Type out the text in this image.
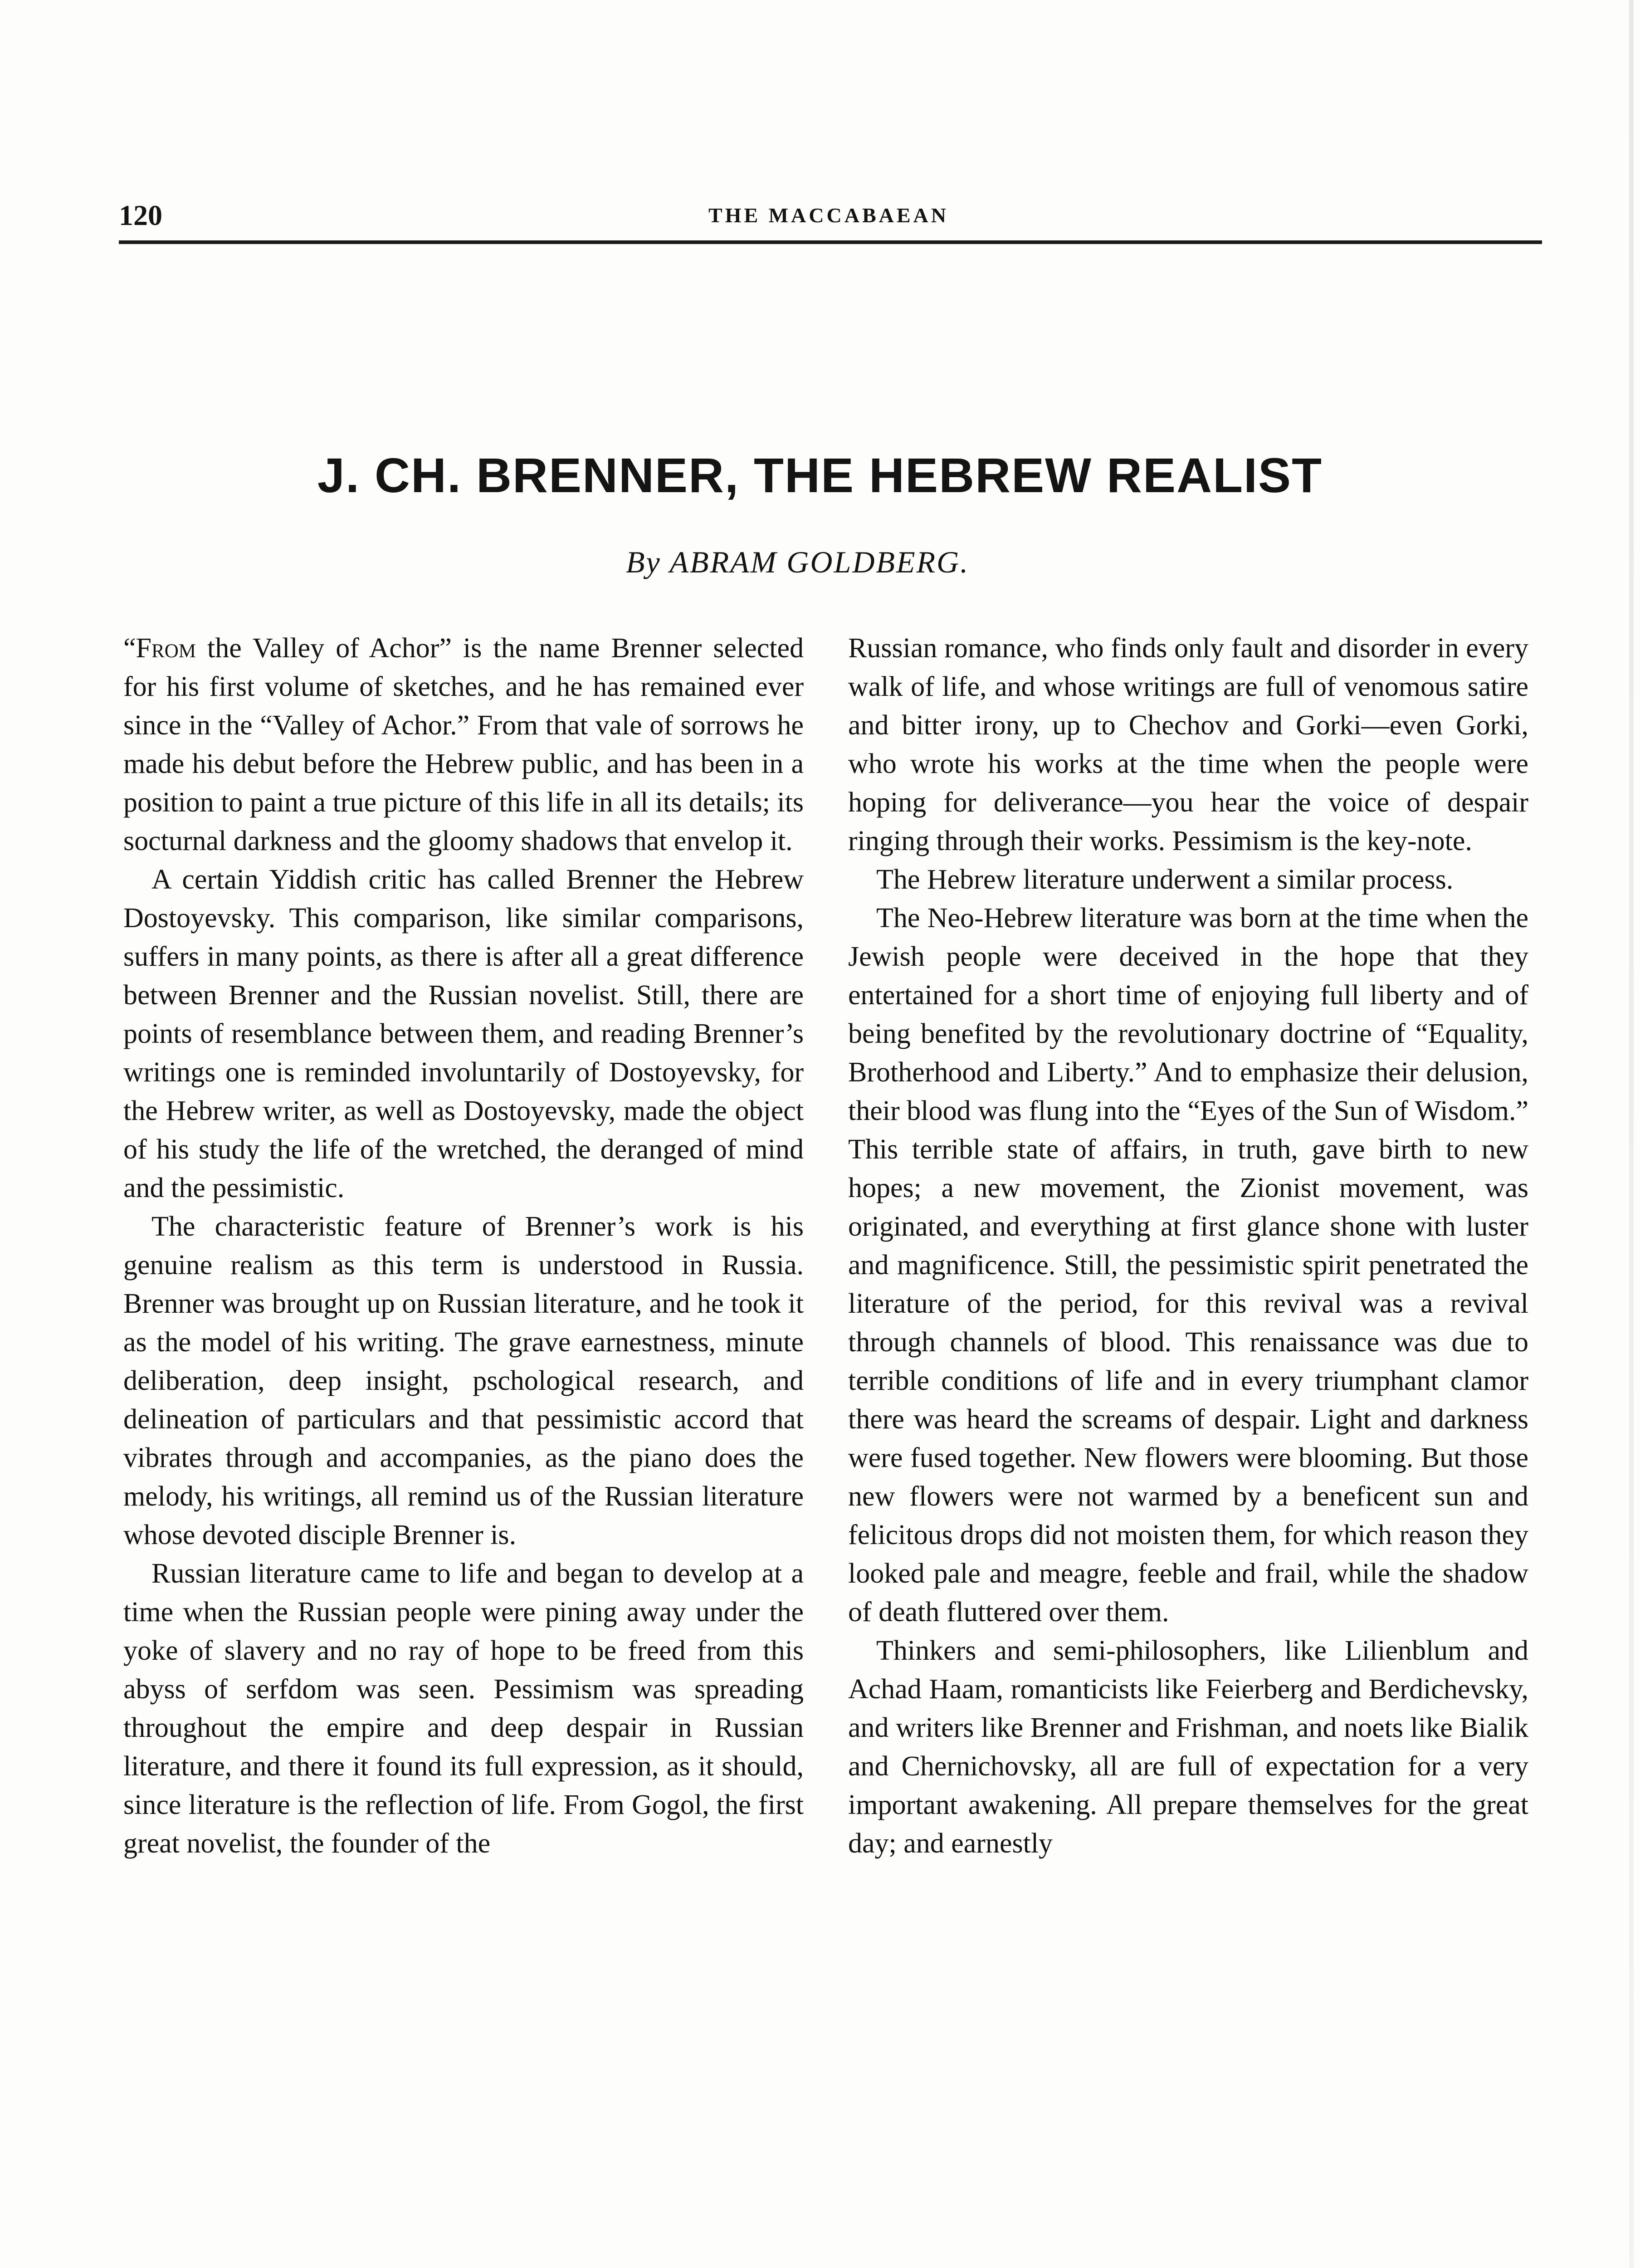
120	THE MACCABAEAN
J. CH. BRENNER, THE HEBREW REALIST
By ABRAM GOLDBERG.

“From the Valley of Achor” is the name Brenner selected for his first volume of sketches, and he has remained ever since in the “Valley of Achor.” From that vale of sorrows he made his debut before the Hebrew public, and has been in a position to paint a true picture of this life in all its details; its socturnal darkness and the gloomy shadows that envelop it.

A certain Yiddish critic has called Brenner the Hebrew Dostoyevsky. This comparison, like similar comparisons, suffers in many points, as there is after all a great difference between Brenner and the Russian novelist. Still, there are points of resemblance between them, and reading Brenner’s writings one is reminded involuntarily of Dostoyevsky, for the Hebrew writer, as well as Dostoyevsky, made the object of his study the life of the wretched, the deranged of mind and the pessimistic.

The characteristic feature of Brenner’s work is his genuine realism as this term is understood in Russia. Brenner was brought up on Russian literature, and he took it as the model of his writing. The grave earnestness, minute deliberation, deep insight, pschological research, and delineation of particulars and that pessimistic accord that vibrates through and accompanies, as the piano does the melody, his writings, all remind us of the Russian literature whose devoted disciple Brenner is.

Russian literature came to life and began to develop at a time when the Russian people were pining away under the yoke of slavery and no ray of hope to be freed from this abyss of serfdom was seen. Pessimism was spreading throughout the empire and deep despair in Russian literature, and there it found its full expression, as it should, since literature is the reflection of life. From Gogol, the first great novelist, the founder of the

Russian romance, who finds only fault and disorder in every walk of life, and whose writings are full of venomous satire and bitter irony, up to Chechov and Gorki—even Gorki, who wrote his works at the time when the people were hoping for deliverance—you hear the voice of despair ringing through their works. Pessimism is the key-note.

The Hebrew literature underwent a similar process.

The Neo-Hebrew literature was born at the time when the Jewish people were deceived in the hope that they entertained for a short time of enjoying full liberty and of being benefited by the revolutionary doctrine of “Equality, Brotherhood and Liberty.” And to emphasize their delusion, their blood was flung into the “Eyes of the Sun of Wisdom.” This terrible state of affairs, in truth, gave birth to new hopes; a new movement, the Zionist movement, was originated, and everything at first glance shone with luster and magnificence. Still, the pessimistic spirit penetrated the literature of the period, for this revival was a revival through channels of blood. This renaissance was due to terrible conditions of life and in every triumphant clamor there was heard the screams of despair. Light and darkness were fused together. New flowers were blooming. But those new flowers were not warmed by a beneficent sun and felicitous drops did not moisten them, for which reason they looked pale and meagre, feeble and frail, while the shadow of death fluttered over them.

Thinkers and semi-philosophers, like Lilienblum and Achad Haam, romanticists like Feierberg and Berdichevsky, and writers like Brenner and Frishman, and noets like Bialik and Chernichovsky, all are full of expectation for a very important awakening. All prepare themselves for the great day; and earnestly
